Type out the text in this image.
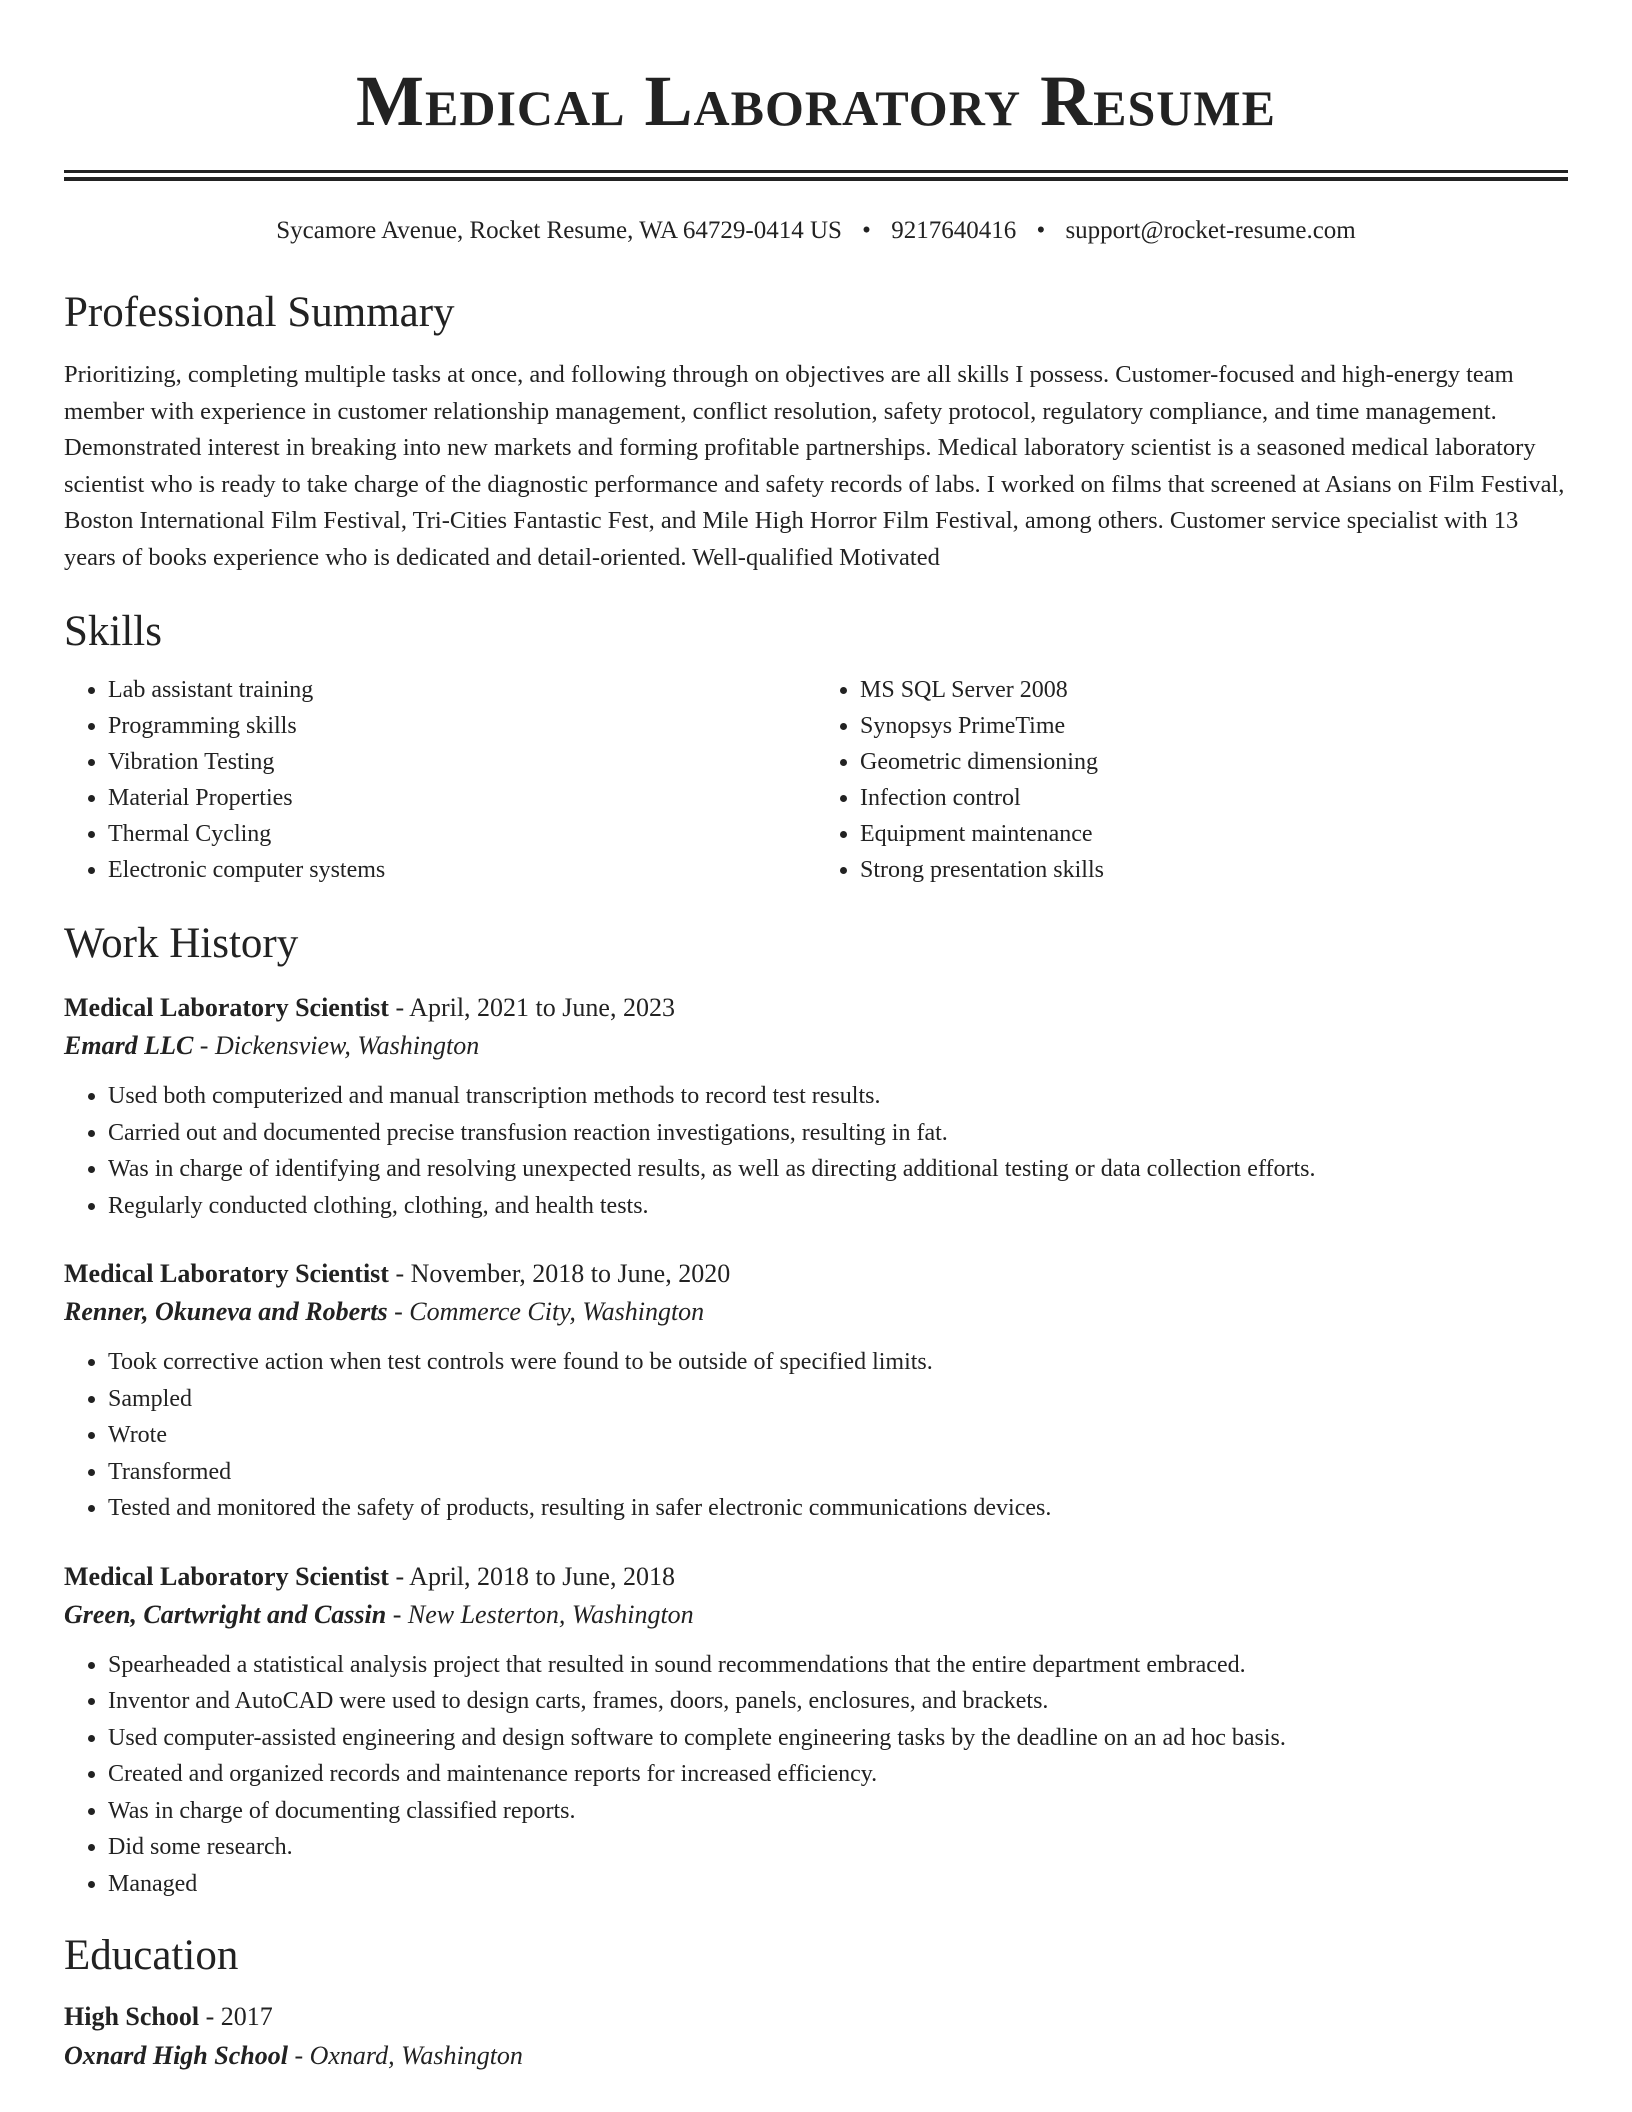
Medical Laboratory Resume
Sycamore Avenue, Rocket Resume, WA 64729-0414 US • 9217640416 • support@rocket-resume.com
Professional Summary

Prioritizing, completing multiple tasks at once, and following through on objectives are all skills I possess. Customer-focused and high-energy team member with experience in customer relationship management, conflict resolution, safety protocol, regulatory compliance, and time management. Demonstrated interest in breaking into new markets and forming profitable partnerships. Medical laboratory scientist is a seasoned medical laboratory scientist who is ready to take charge of the diagnostic performance and safety records of labs. I worked on films that screened at Asians on Film Festival, Boston International Film Festival, Tri-Cities Fantastic Fest, and Mile High Horror Film Festival, among others. Customer service specialist with 13 years of books experience who is dedicated and detail-oriented. Well-qualified Motivated

Skills
• Lab assistant training
• Programming skills
• Vibration Testing
• Material Properties
• Thermal Cycling
• Electronic computer systems
• MS SQL Server 2008
• Synopsys PrimeTime
• Geometric dimensioning
• Infection control
• Equipment maintenance
• Strong presentation skills
Work History
Medical Laboratory Scientist - April, 2021 to June, 2023
Emard LLC - Dickensview, Washington
• Used both computerized and manual transcription methods to record test results.
• Carried out and documented precise transfusion reaction investigations, resulting in fat.
• Was in charge of identifying and resolving unexpected results, as well as directing additional testing or data collection efforts.
• Regularly conducted clothing, clothing, and health tests.
Medical Laboratory Scientist - November, 2018 to June, 2020
Renner, Okuneva and Roberts - Commerce City, Washington
• Took corrective action when test controls were found to be outside of specified limits.
• Sampled
• Wrote
• Transformed
• Tested and monitored the safety of products, resulting in safer electronic communications devices.
Medical Laboratory Scientist - April, 2018 to June, 2018
Green, Cartwright and Cassin - New Lesterton, Washington
• Spearheaded a statistical analysis project that resulted in sound recommendations that the entire department embraced.
• Inventor and AutoCAD were used to design carts, frames, doors, panels, enclosures, and brackets.
• Used computer-assisted engineering and design software to complete engineering tasks by the deadline on an ad hoc basis.
• Created and organized records and maintenance reports for increased efficiency.
• Was in charge of documenting classified reports.
• Did some research.
• Managed
Education
High School - 2017
Oxnard High School - Oxnard, Washington
